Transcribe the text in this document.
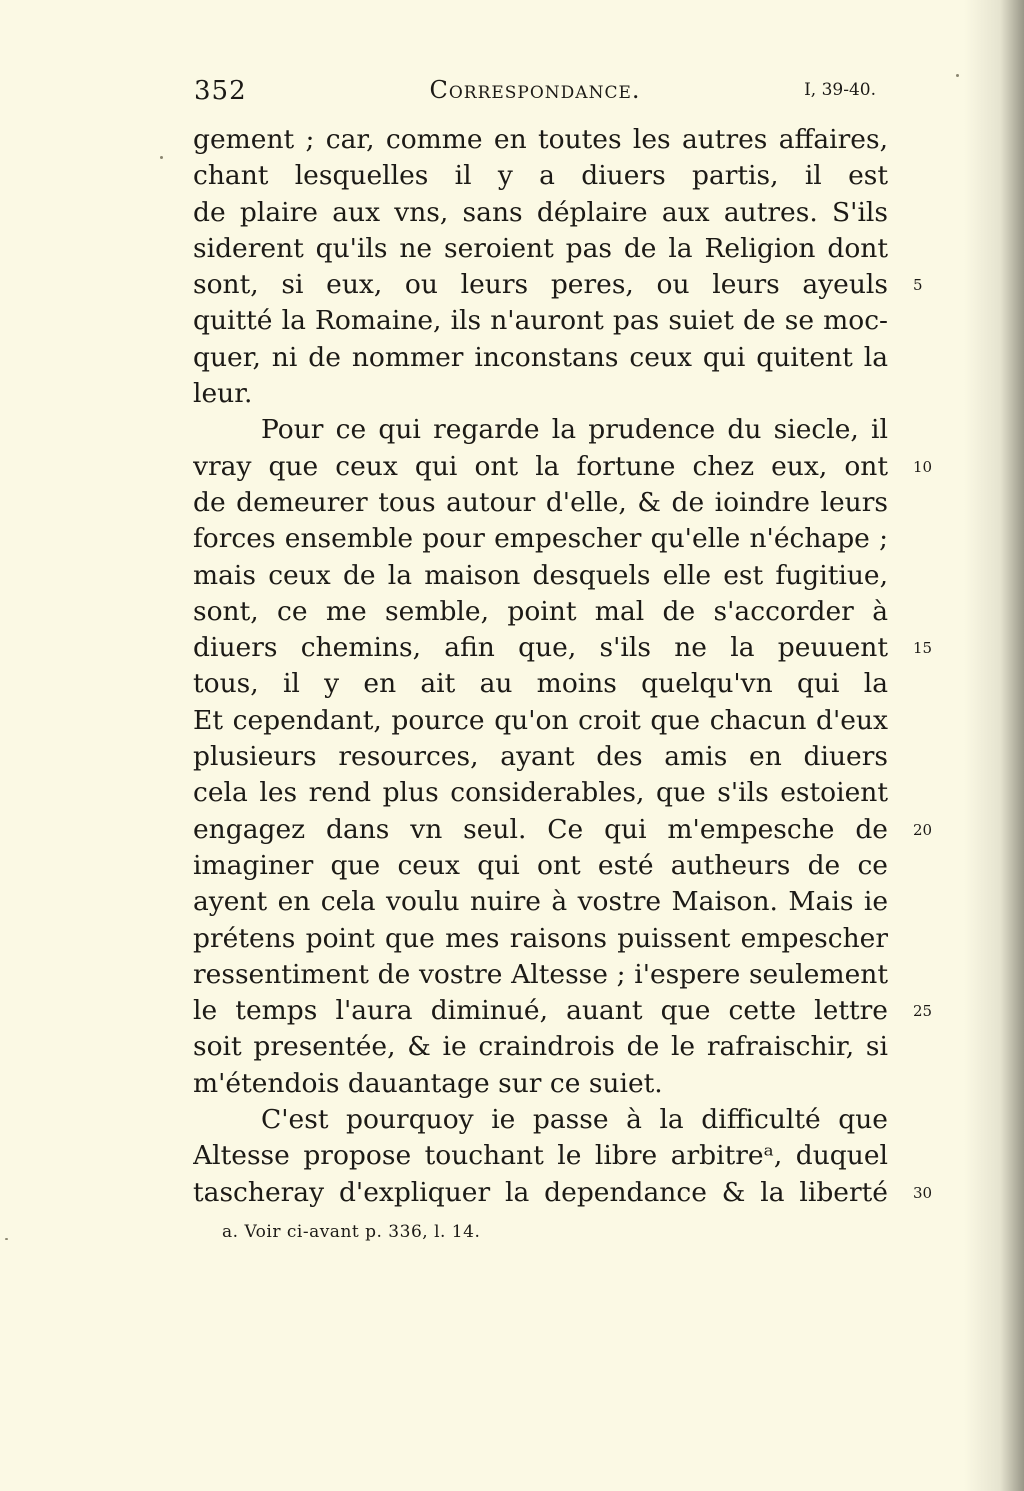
352	Correspondance.	I, 39-40.
gement ; car, comme en toutes les autres affaires,
chant lesquelles il y a diuers partis, il est
de plaire aux vns, sans déplaire aux autres. S'ils
siderent qu'ils ne seroient pas de la Religion dont
sont, si eux, ou leurs peres, ou leurs ayeuls 5
quitté la Romaine, ils n'auront pas suiet de se moc-
quer, ni de nommer inconstans ceux qui quitent la
leur.
Pour ce qui regarde la prudence du siecle, il
vray que ceux qui ont la fortune chez eux, ont 10
de demeurer tous autour d'elle, & de ioindre leurs
forces ensemble pour empescher qu'elle n'échape ;
mais ceux de la maison desquels elle est fugitiue,
sont, ce me semble, point mal de s'accorder à
diuers chemins, afin que, s'ils ne la peuuent 15
tous, il y en ait au moins quelqu'vn qui la
Et cependant, pource qu'on croit que chacun d'eux
plusieurs resources, ayant des amis en diuers
cela les rend plus considerables, que s'ils estoient
engagez dans vn seul. Ce qui m'empesche de 20
imaginer que ceux qui ont esté autheurs de ce
ayent en cela voulu nuire à vostre Maison. Mais ie
prétens point que mes raisons puissent empescher
ressentiment de vostre Altesse ; i'espere seulement
le temps l'aura diminué, auant que cette lettre 25
soit presentée, & ie craindrois de le rafraischir, si
m'étendois dauantage sur ce suiet.
C'est pourquoy ie passe à la difficulté que
Altesse propose touchant le libre arbitreᵃ, duquel
tascheray d'expliquer la dependance & la liberté 30
a. Voir ci-avant p. 336, l. 14.
